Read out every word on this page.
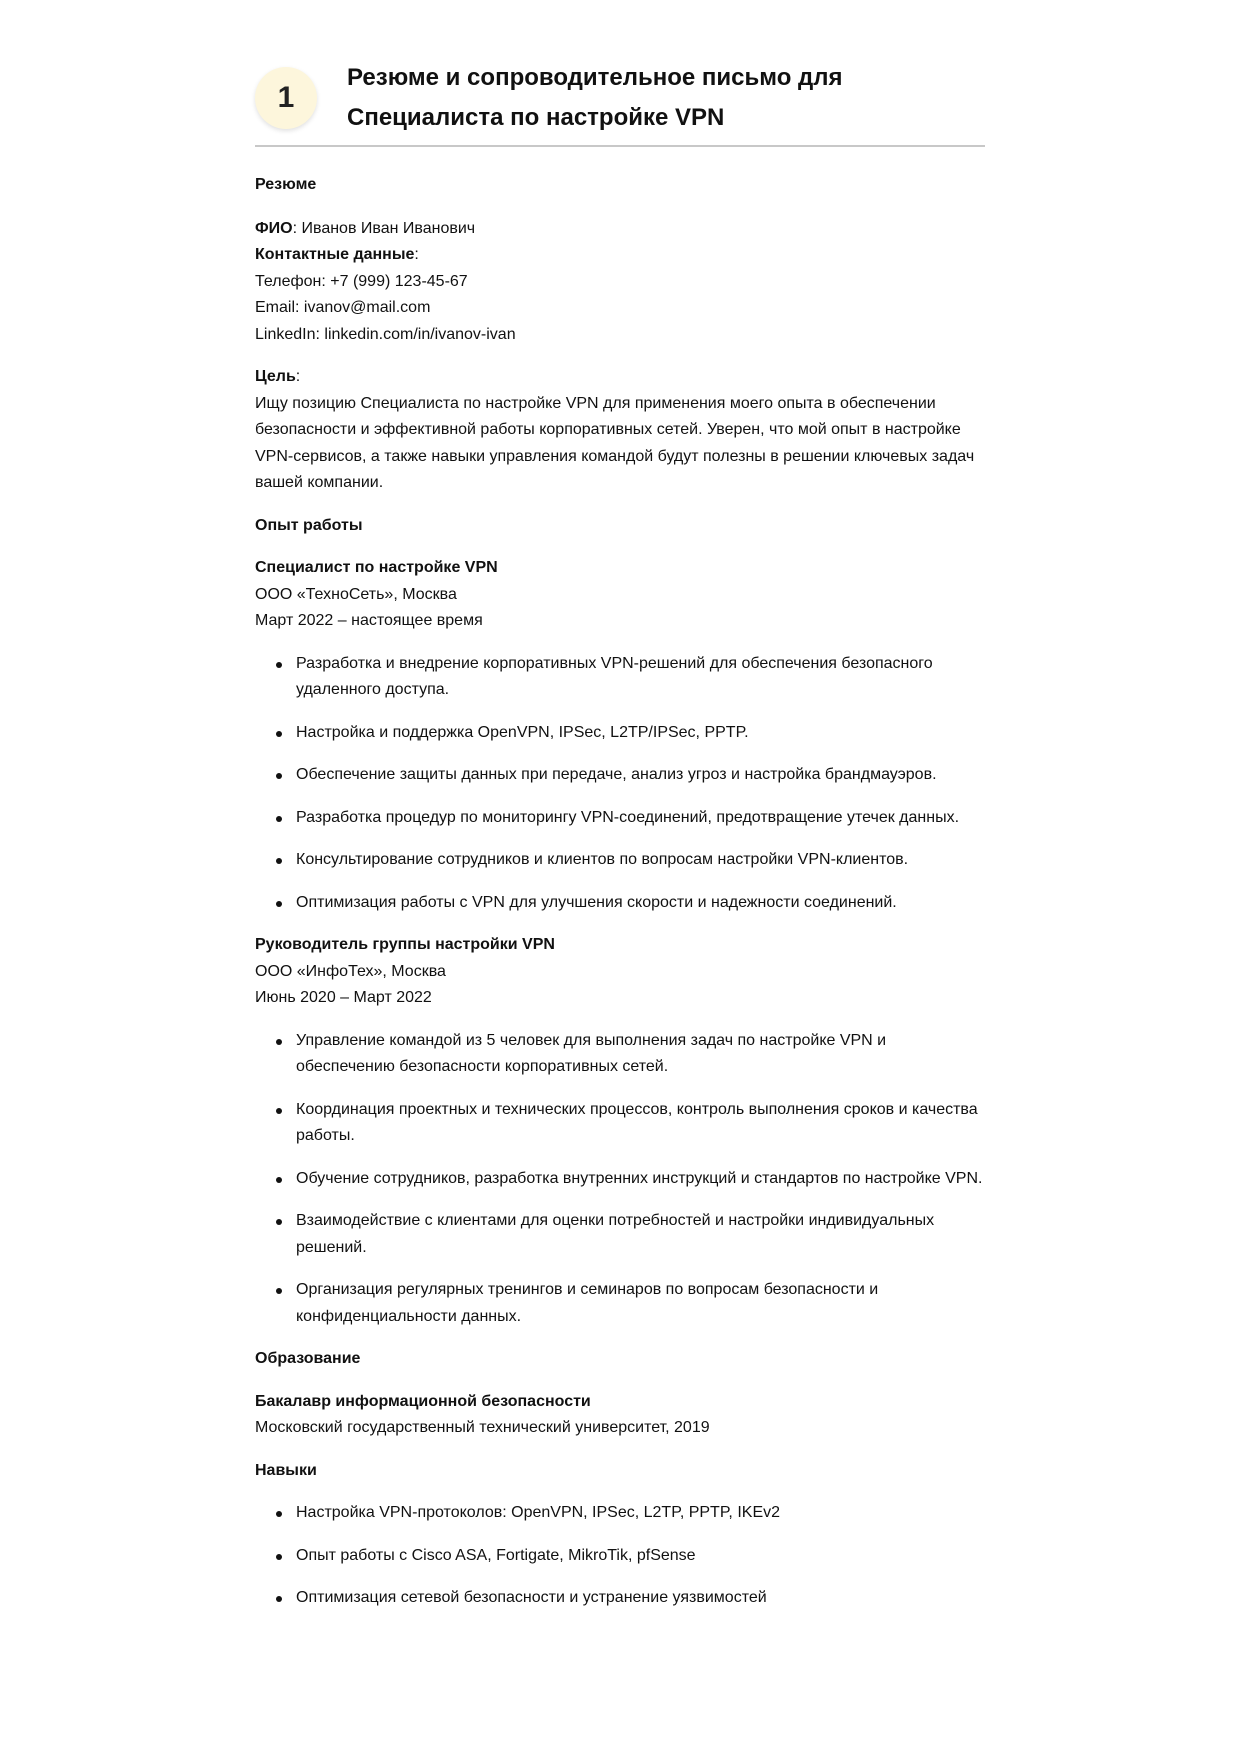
1
Резюме и сопроводительное письмо для
Специалиста по настройке VPN

Резюме

ФИО: Иванов Иван Иванович

Контактные данные:

Телефон: +7 (999) 123-45-67

Email: ivanov@mail.com

LinkedIn: linkedin.com/in/ivanov-ivan

Цель:

Ищу позицию Специалиста по настройке VPN для применения моего опыта в обеспечении безопасности и эффективной работы корпоративных сетей. Уверен, что мой опыт в настройке VPN-сервисов, а также навыки управления командой будут полезны в решении ключевых задач вашей компании.

Опыт работы

Специалист по настройке VPN

ООО «ТехноСеть», Москва

Март 2022 – настоящее время

Разработка и внедрение корпоративных VPN-решений для обеспечения безопасного удаленного доступа.
Настройка и поддержка OpenVPN, IPSec, L2TP/IPSec, PPTP.
Обеспечение защиты данных при передаче, анализ угроз и настройка брандмауэров.
Разработка процедур по мониторингу VPN-соединений, предотвращение утечек данных.
Консультирование сотрудников и клиентов по вопросам настройки VPN-клиентов.
Оптимизация работы с VPN для улучшения скорости и надежности соединений.

Руководитель группы настройки VPN

ООО «ИнфоТех», Москва

Июнь 2020 – Март 2022

Управление командой из 5 человек для выполнения задач по настройке VPN и обеспечению безопасности корпоративных сетей.
Координация проектных и технических процессов, контроль выполнения сроков и качества работы.
Обучение сотрудников, разработка внутренних инструкций и стандартов по настройке VPN.
Взаимодействие с клиентами для оценки потребностей и настройки индивидуальных решений.
Организация регулярных тренингов и семинаров по вопросам безопасности и конфиденциальности данных.

Образование

Бакалавр информационной безопасности

Московский государственный технический университет, 2019

Навыки

Настройка VPN-протоколов: OpenVPN, IPSec, L2TP, PPTP, IKEv2
Опыт работы с Cisco ASA, Fortigate, MikroTik, pfSense
Оптимизация сетевой безопасности и устранение уязвимостей
